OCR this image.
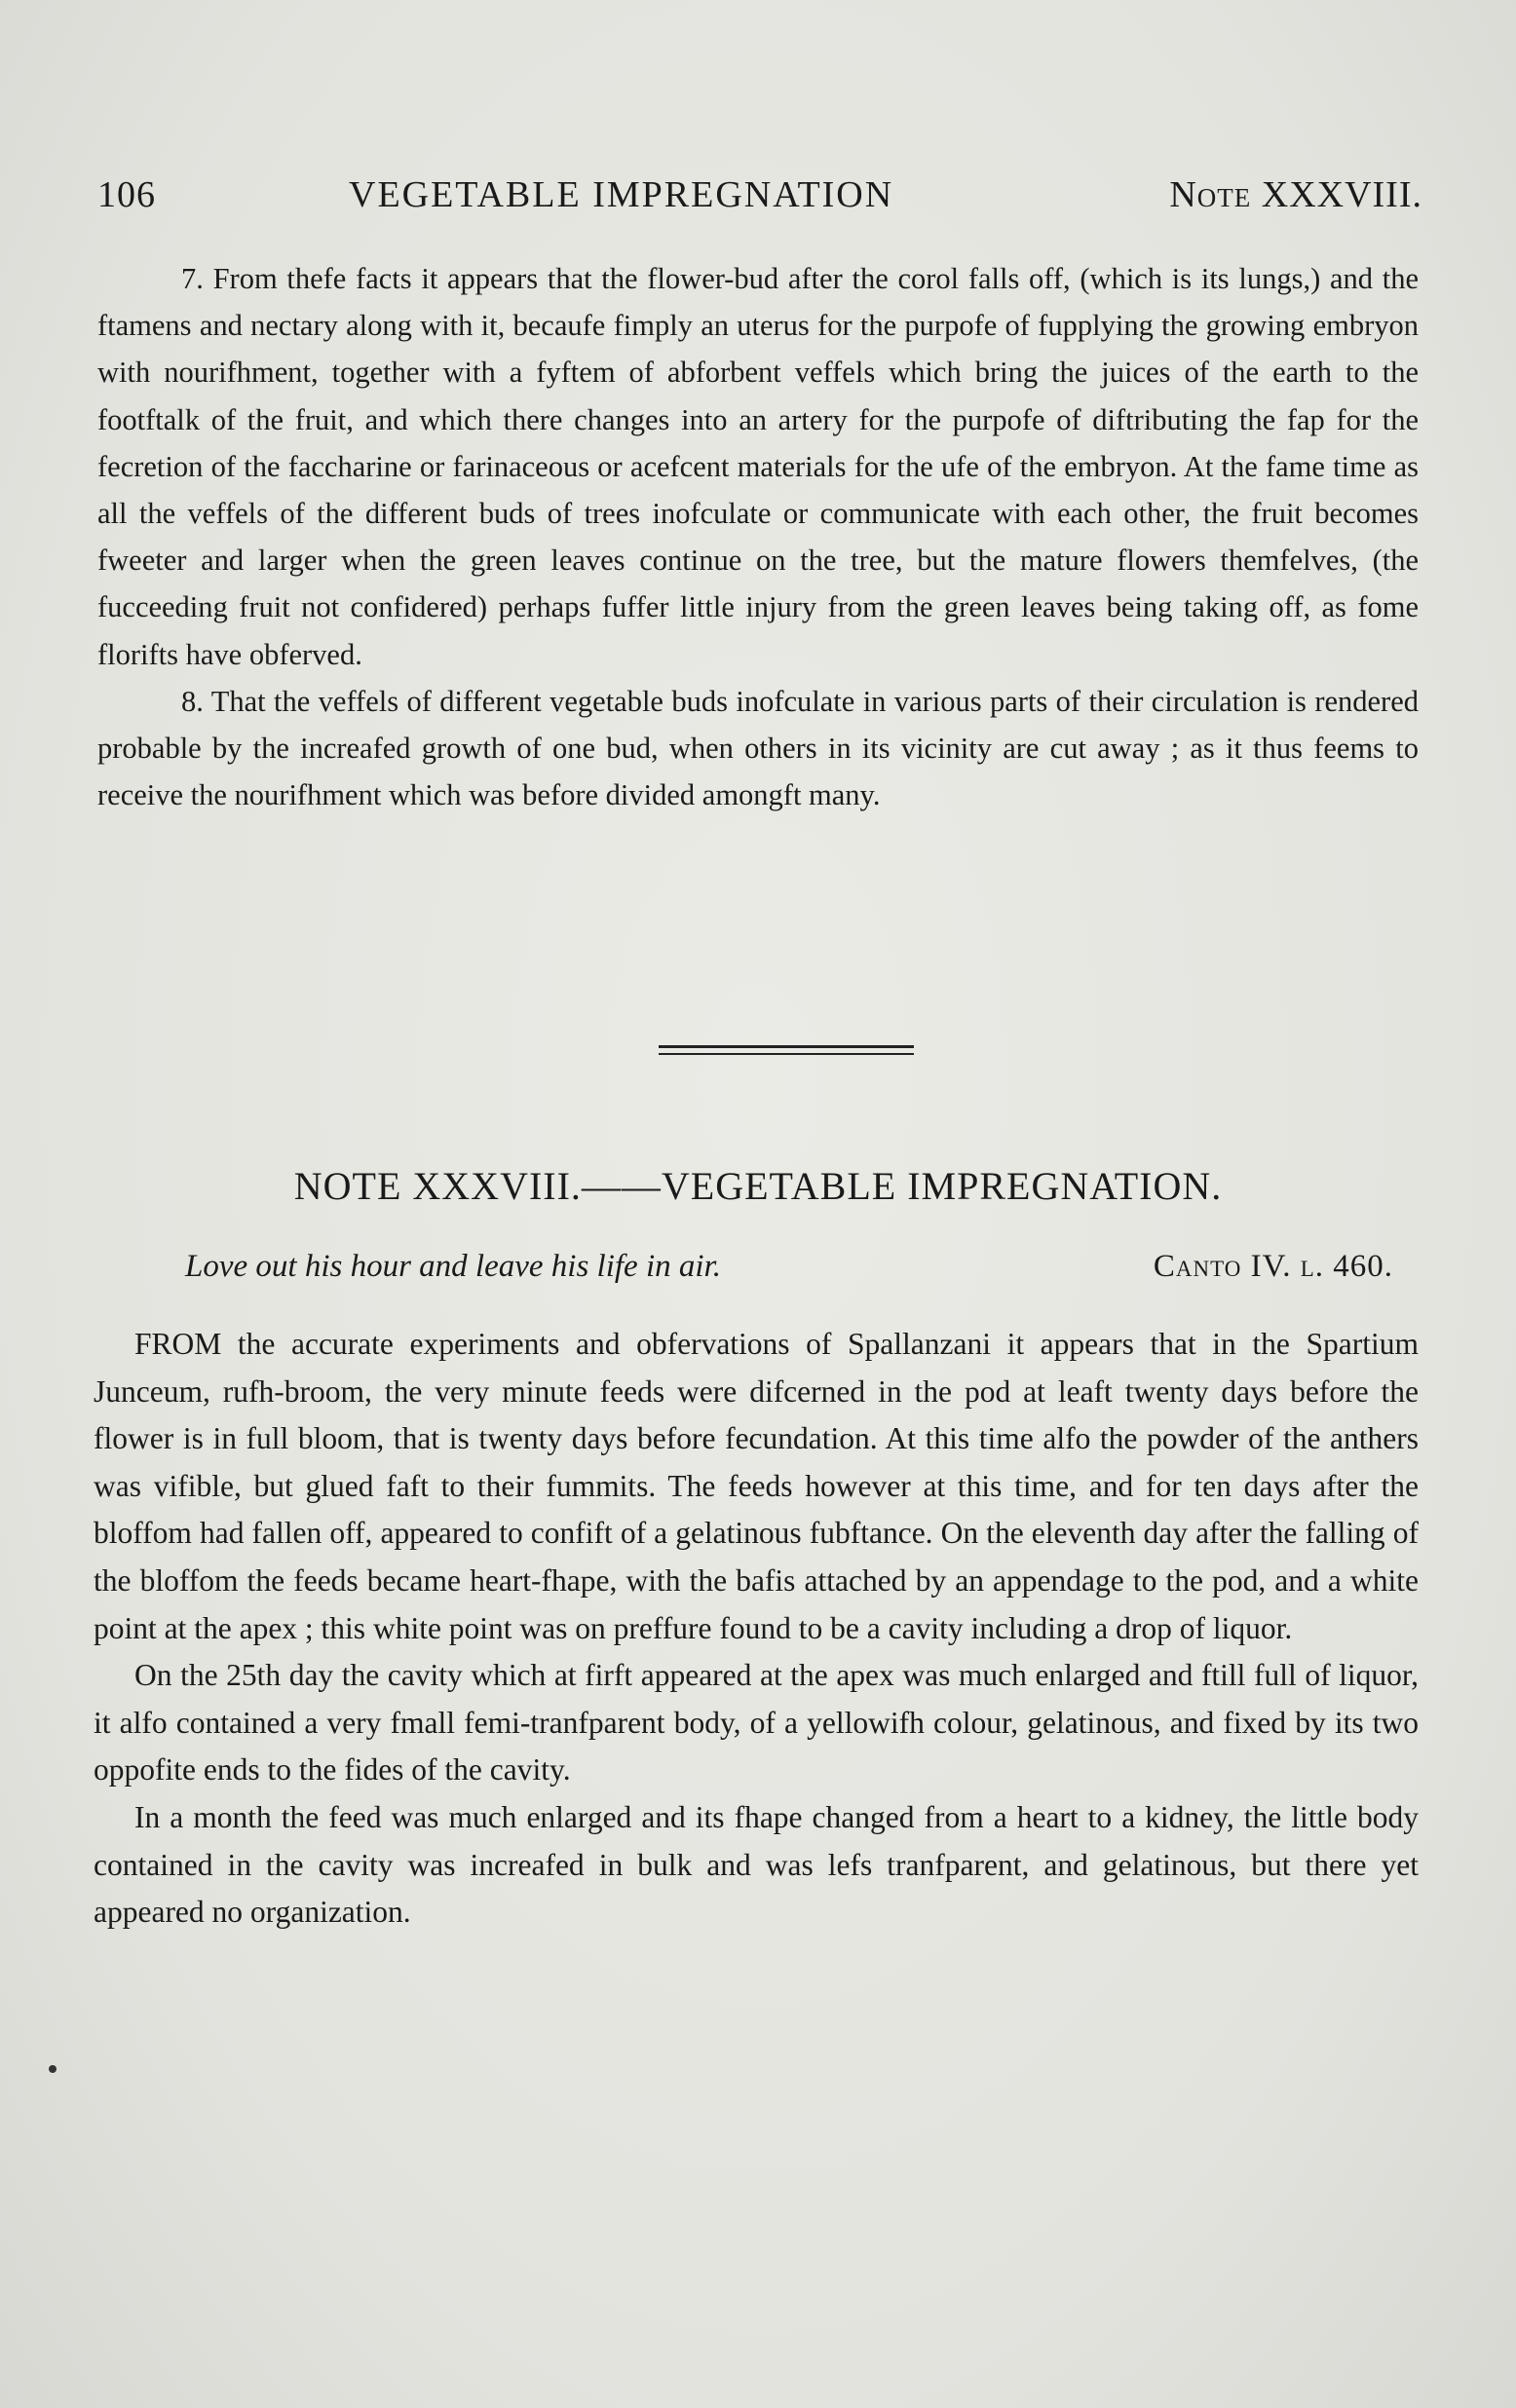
106	VEGETABLE IMPREGNATION	Note XXXVIII.

7. From thefe facts it appears that the flower-bud after the corol falls off, (which is its lungs,) and the ftamens and nectary along with it, becaufe fimply an uterus for the purpofe of fupplying the growing embryon with nourifhment, together with a fyftem of abforbent veffels which bring the juices of the earth to the footftalk of the fruit, and which there changes into an artery for the purpofe of diftributing the fap for the fecretion of the faccharine or farinaceous or acefcent materials for the ufe of the embryon. At the fame time as all the veffels of the different buds of trees inofculate or communicate with each other, the fruit becomes fweeter and larger when the green leaves continue on the tree, but the mature flowers themfelves, (the fucceeding fruit not confidered) perhaps fuffer little injury from the green leaves being taking off, as fome florifts have obferved.

8. That the veffels of different vegetable buds inofculate in various parts of their circulation is rendered probable by the increafed growth of one bud, when others in its vicinity are cut away ; as it thus feems to receive the nourifhment which was before divided amongft many.

NOTE XXXVIII.——VEGETABLE IMPREGNATION.
Love out his hour and leave his life in air.	Canto IV. l. 460.

FROM the accurate experiments and obfervations of Spallanzani it appears that in the Spartium Junceum, rufh-broom, the very minute feeds were difcerned in the pod at leaft twenty days before the flower is in full bloom, that is twenty days before fecundation. At this time alfo the powder of the anthers was vifible, but glued faft to their fummits. The feeds however at this time, and for ten days after the bloffom had fallen off, appeared to confift of a gelatinous fubftance. On the eleventh day after the falling of the bloffom the feeds became heart-fhape, with the bafis attached by an appendage to the pod, and a white point at the apex ; this white point was on preffure found to be a cavity including a drop of liquor.

On the 25th day the cavity which at firft appeared at the apex was much enlarged and ftill full of liquor, it alfo contained a very fmall femi-tranfparent body, of a yellowifh colour, gelatinous, and fixed by its two oppofite ends to the fides of the cavity.

In a month the feed was much enlarged and its fhape changed from a heart to a kidney, the little body contained in the cavity was increafed in bulk and was lefs tranfparent, and gelatinous, but there yet appeared no organization.
